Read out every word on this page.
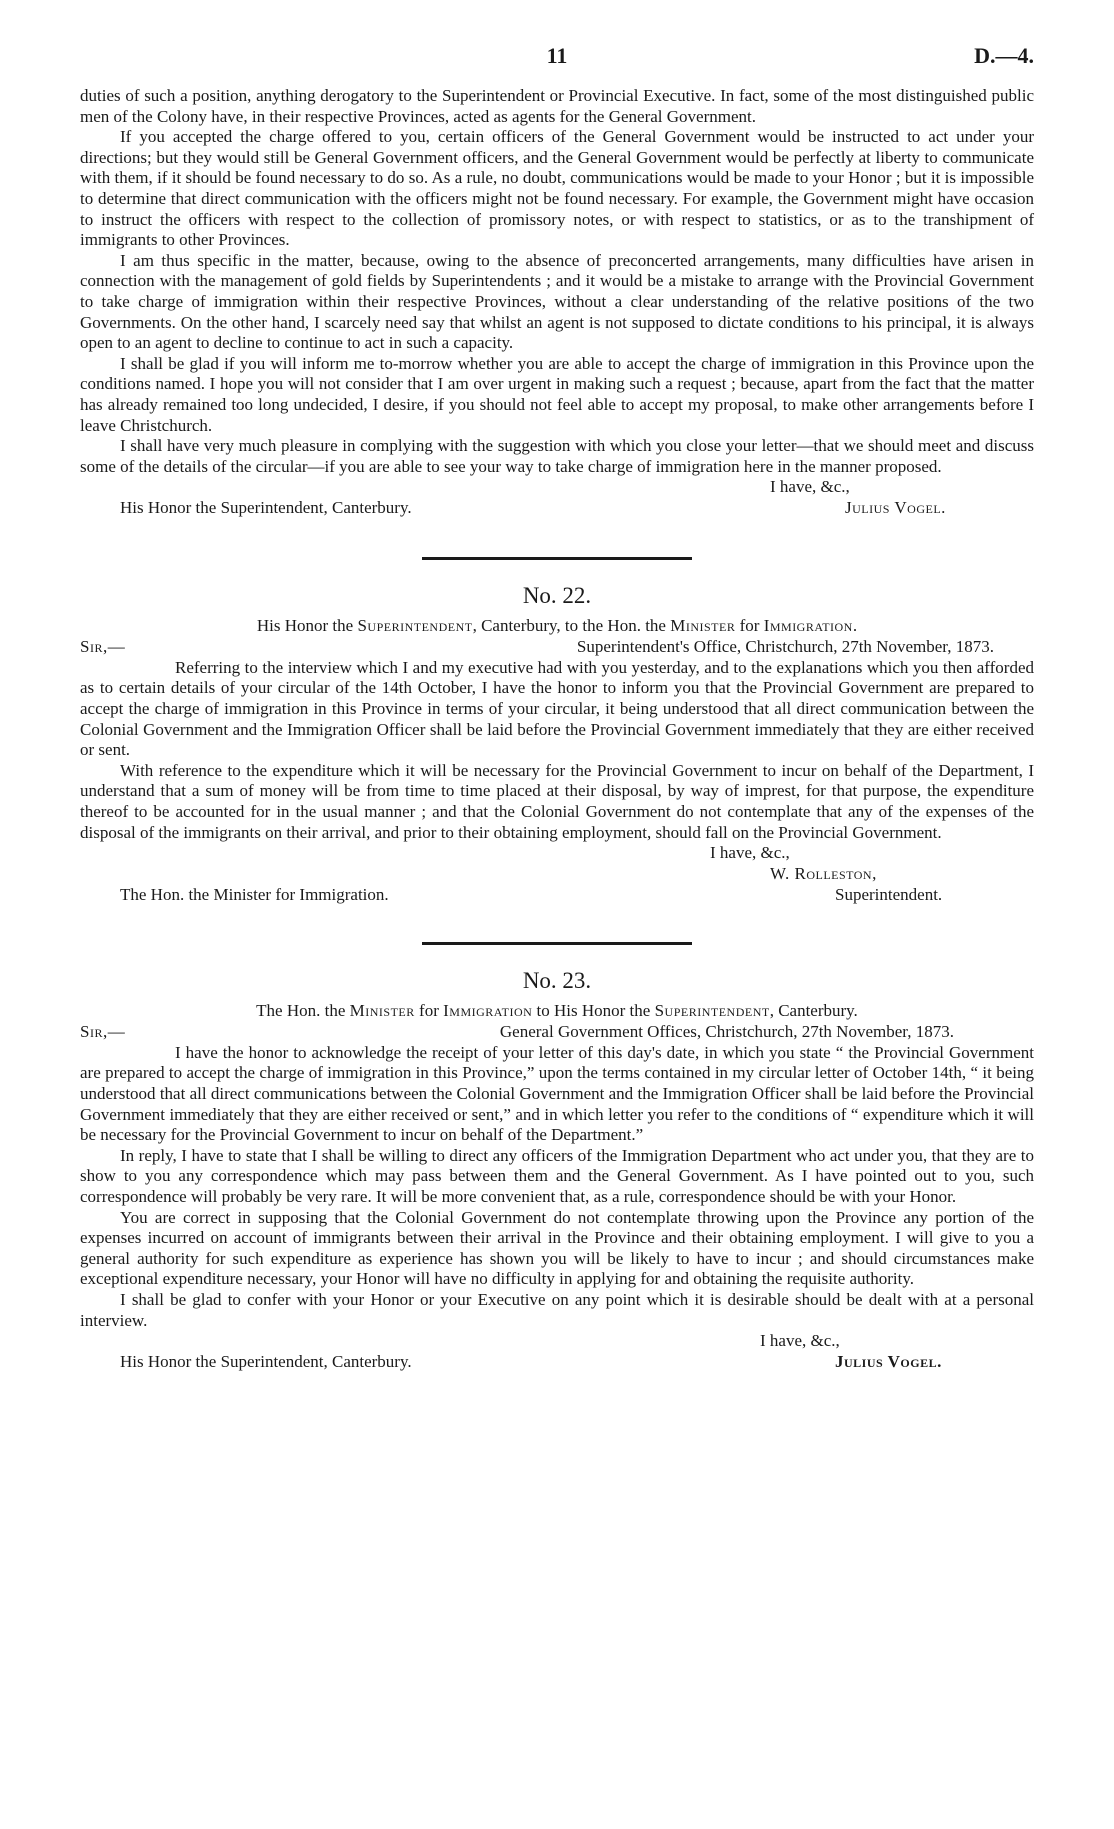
11	D.—4.

duties of such a position, anything derogatory to the Superintendent or Provincial Executive. In fact, some of the most distinguished public men of the Colony have, in their respective Provinces, acted as agents for the General Government.

If you accepted the charge offered to you, certain officers of the General Government would be instructed to act under your directions; but they would still be General Government officers, and the General Government would be perfectly at liberty to communicate with them, if it should be found necessary to do so. As a rule, no doubt, communications would be made to your Honor ; but it is impossible to determine that direct communication with the officers might not be found necessary. For example, the Government might have occasion to instruct the officers with respect to the collection of promissory notes, or with respect to statistics, or as to the transhipment of immigrants to other Provinces.

I am thus specific in the matter, because, owing to the absence of preconcerted arrangements, many difficulties have arisen in connection with the management of gold fields by Superintendents ; and it would be a mistake to arrange with the Provincial Government to take charge of immigration within their respective Provinces, without a clear understanding of the relative positions of the two Governments. On the other hand, I scarcely need say that whilst an agent is not supposed to dictate conditions to his principal, it is always open to an agent to decline to continue to act in such a capacity.

I shall be glad if you will inform me to-morrow whether you are able to accept the charge of immigration in this Province upon the conditions named. I hope you will not consider that I am over urgent in making such a request ; because, apart from the fact that the matter has already remained too long undecided, I desire, if you should not feel able to accept my proposal, to make other arrangements before I leave Christchurch.

I shall have very much pleasure in complying with the suggestion with which you close your letter—that we should meet and discuss some of the details of the circular—if you are able to see your way to take charge of immigration here in the manner proposed.

I have, &c.,
His Honor the Superintendent, Canterbury.	Julius Vogel.
No. 22.
His Honor the Superintendent, Canterbury, to the Hon. the Minister for Immigration.
Sir,—	Superintendent's Office, Christchurch, 27th November, 1873.

Referring to the interview which I and my executive had with you yesterday, and to the explanations which you then afforded as to certain details of your circular of the 14th October, I have the honor to inform you that the Provincial Government are prepared to accept the charge of immigration in this Province in terms of your circular, it being understood that all direct communication between the Colonial Government and the Immigration Officer shall be laid before the Provincial Government immediately that they are either received or sent.

With reference to the expenditure which it will be necessary for the Provincial Government to incur on behalf of the Department, I understand that a sum of money will be from time to time placed at their disposal, by way of imprest, for that purpose, the expenditure thereof to be accounted for in the usual manner ; and that the Colonial Government do not contemplate that any of the expenses of the disposal of the immigrants on their arrival, and prior to their obtaining employment, should fall on the Provincial Government.

I have, &c.,
W. Rolleston,
The Hon. the Minister for Immigration.	Superintendent.
No. 23.
The Hon. the Minister for Immigration to His Honor the Superintendent, Canterbury.
Sir,—	General Government Offices, Christchurch, 27th November, 1873.

I have the honor to acknowledge the receipt of your letter of this day's date, in which you state “ the Provincial Government are prepared to accept the charge of immigration in this Province,” upon the terms contained in my circular letter of October 14th, “ it being understood that all direct communications between the Colonial Government and the Immigration Officer shall be laid before the Provincial Government immediately that they are either received or sent,” and in which letter you refer to the conditions of “ expenditure which it will be necessary for the Provincial Government to incur on behalf of the Department.”

In reply, I have to state that I shall be willing to direct any officers of the Immigration Department who act under you, that they are to show to you any correspondence which may pass between them and the General Government. As I have pointed out to you, such correspondence will probably be very rare. It will be more convenient that, as a rule, correspondence should be with your Honor.

You are correct in supposing that the Colonial Government do not contemplate throwing upon the Province any portion of the expenses incurred on account of immigrants between their arrival in the Province and their obtaining employment. I will give to you a general authority for such expenditure as experience has shown you will be likely to have to incur ; and should circumstances make exceptional expenditure necessary, your Honor will have no difficulty in applying for and obtaining the requisite authority.

I shall be glad to confer with your Honor or your Executive on any point which it is desirable should be dealt with at a personal interview.

I have, &c.,
His Honor the Superintendent, Canterbury.	Julius Vogel.
